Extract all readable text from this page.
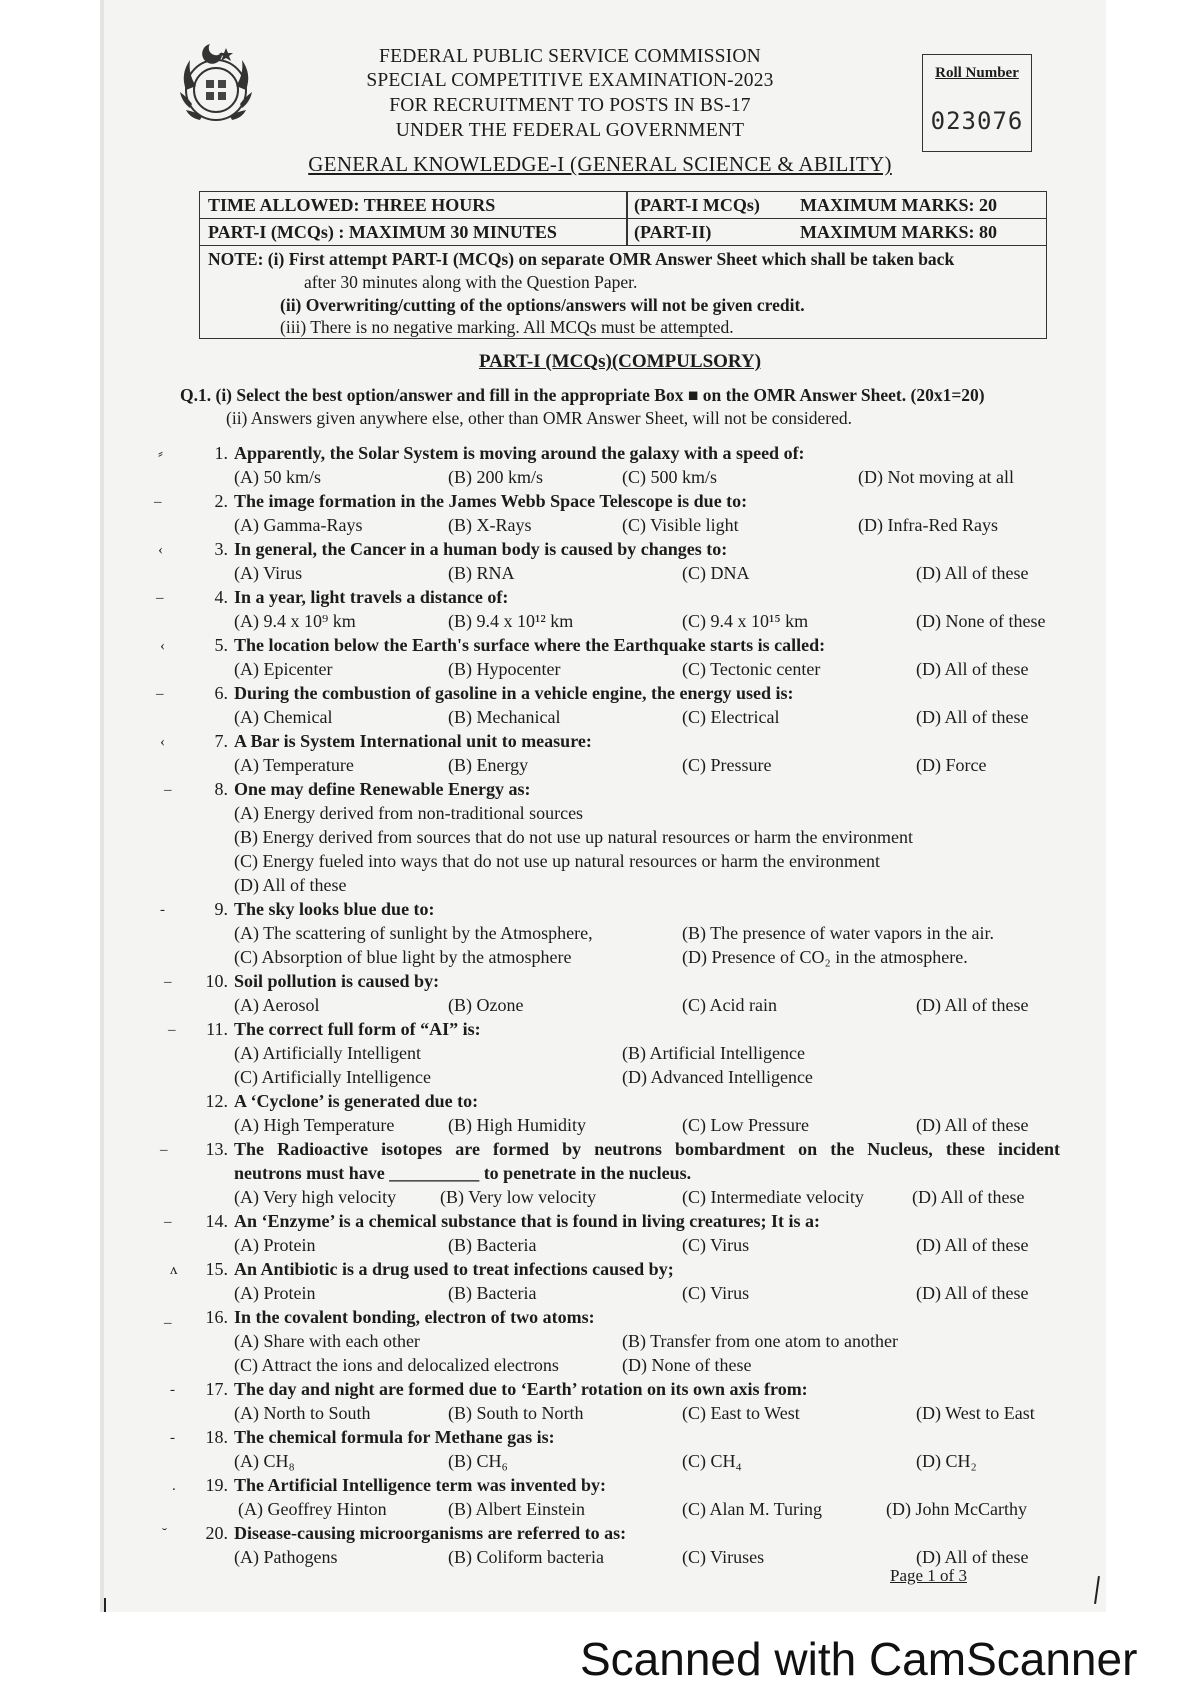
FEDERAL PUBLIC SERVICE COMMISSION
SPECIAL COMPETITIVE EXAMINATION-2023
FOR RECRUITMENT TO POSTS IN BS-17
UNDER THE FEDERAL GOVERNMENT
GENERAL KNOWLEDGE-I (GENERAL SCIENCE & ABILITY)
Roll Number
023076
TIME ALLOWED: THREE HOURS	(PART-I MCQs) MAXIMUM MARKS: 20
PART-I (MCQs) : MAXIMUM 30 MINUTES	(PART-II)	MAXIMUM MARKS: 80
NOTE: (i) First attempt PART-I (MCQs) on separate OMR Answer Sheet which shall be taken back
after 30 minutes along with the Question Paper.
(ii) Overwriting/cutting of the options/answers will not be given credit.
(iii) There is no negative marking. All MCQs must be attempted.
PART-I (MCQs)(COMPULSORY)
Q.1. (i) Select the best option/answer and fill in the appropriate Box ■ on the OMR Answer Sheet. (20x1=20)
(ii) Answers given anywhere else, other than OMR Answer Sheet, will not be considered.
1. Apparently, the Solar System is moving around the galaxy with a speed of:
(A) 50 km/s	(B) 200 km/s	(C) 500 km/s	(D) Not moving at all
2. The image formation in the James Webb Space Telescope is due to:
(A) Gamma-Rays	(B) X-Rays	(C) Visible light	(D) Infra-Red Rays
3. In general, the Cancer in a human body is caused by changes to:
(A) Virus	(B) RNA	(C) DNA	(D) All of these
4. In a year, light travels a distance of:
(A) 9.4 x 10⁹ km	(B) 9.4 x 10¹² km	(C) 9.4 x 10¹⁵ km	(D) None of these
5. The location below the Earth's surface where the Earthquake starts is called:
(A) Epicenter	(B) Hypocenter	(C) Tectonic center	(D) All of these
6. During the combustion of gasoline in a vehicle engine, the energy used is:
(A) Chemical	(B) Mechanical	(C) Electrical	(D) All of these
7. A Bar is System International unit to measure:
(A) Temperature	(B) Energy	(C) Pressure	(D) Force
8. One may define Renewable Energy as:
(A) Energy derived from non-traditional sources
(B) Energy derived from sources that do not use up natural resources or harm the environment
(C) Energy fueled into ways that do not use up natural resources or harm the environment
(D) All of these
9. The sky looks blue due to:
(A) The scattering of sunlight by the Atmosphere,	(B) The presence of water vapors in the air.
(C) Absorption of blue light by the atmosphere	(D) Presence of CO₂ in the atmosphere.
10. Soil pollution is caused by:
(A) Aerosol	(B) Ozone	(C) Acid rain	(D) All of these
11. The correct full form of “AI” is:
(A) Artificially Intelligent	(B) Artificial Intelligence
(C) Artificially Intelligence	(D) Advanced Intelligence
12. A ‘Cyclone’ is generated due to:
(A) High Temperature	(B) High Humidity	(C) Low Pressure	(D) All of these
13. The Radioactive isotopes are formed by neutrons bombardment on the Nucleus, these incident
neutrons must have __________ to penetrate in the nucleus.
(A) Very high velocity (B) Very low velocity	(C) Intermediate velocity	(D) All of these
14. An ‘Enzyme’ is a chemical substance that is found in living creatures; It is a:
(A) Protein	(B) Bacteria	(C) Virus	(D) All of these
15. An Antibiotic is a drug used to treat infections caused by;
(A) Protein	(B) Bacteria	(C) Virus	(D) All of these
16. In the covalent bonding, electron of two atoms:
(A) Share with each other	(B) Transfer from one atom to another
(C) Attract the ions and delocalized electrons	(D) None of these
17. The day and night are formed due to ‘Earth’ rotation on its own axis from:
(A) North to South	(B) South to North	(C) East to West	(D) West to East
18. The chemical formula for Methane gas is:
(A) CH₈	(B) CH₆	(C) CH₄	(D) CH₂
19. The Artificial Intelligence term was invented by:
(A) Geoffrey Hinton	(B) Albert Einstein	(C) Alan M. Turing	(D) John McCarthy
20. Disease-causing microorganisms are referred to as:
(A) Pathogens	(B) Coliform bacteria	(C) Viruses	(D) All of these
⸗
–
‹
–
‹
–
‹
–
-
–
–
–
–
ʌ
_
-
-
.
˘
Page 1 of 3
Scanned with CamScanner
